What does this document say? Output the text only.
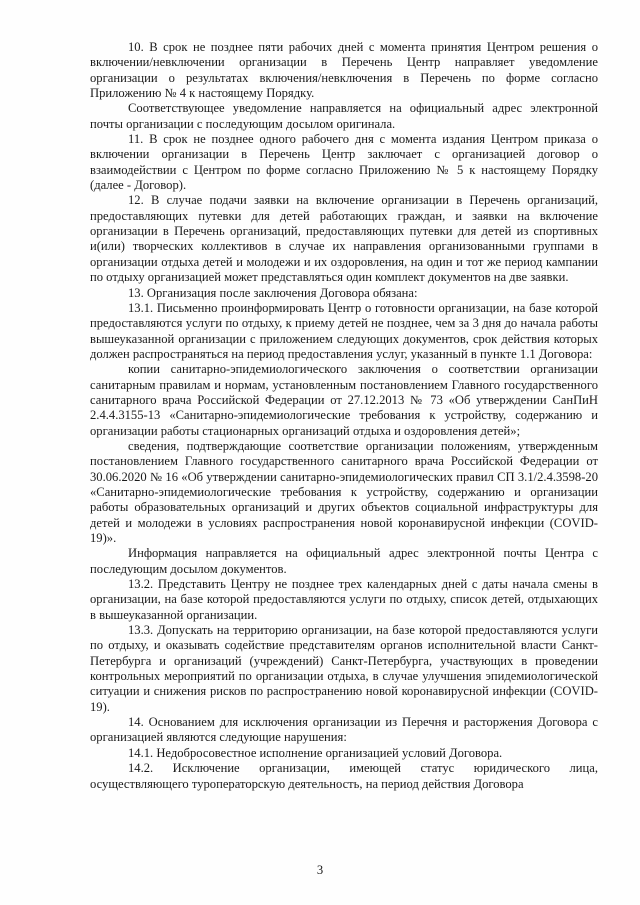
10. В срок не позднее пяти рабочих дней с момента принятия Центром решения о включении/невключении организации в Перечень Центр направляет уведомление организации о результатах включения/невключения в Перечень по форме согласно Приложению № 4 к настоящему Порядку.

Соответствующее уведомление направляется на официальный адрес электронной почты организации с последующим досылом оригинала.

11. В срок не позднее одного рабочего дня с момента издания Центром приказа о включении организации в Перечень Центр заключает с организацией договор о взаимодействии с Центром по форме согласно Приложению № 5 к настоящему Порядку (далее - Договор).

12. В случае подачи заявки на включение организации в Перечень организаций, предоставляющих путевки для детей работающих граждан, и заявки на включение организации в Перечень организаций, предоставляющих путевки для детей из спортивных и(или) творческих коллективов в случае их направления организованными группами в организации отдыха детей и молодежи и их оздоровления, на один и тот же период кампании по отдыху организацией может представляться один комплект документов на две заявки.

13. Организация после заключения Договора обязана:

13.1. Письменно проинформировать Центр о готовности организации, на базе которой предоставляются услуги по отдыху, к приему детей не позднее, чем за 3 дня до начала работы вышеуказанной организации с приложением следующих документов, срок действия которых должен распространяться на период предоставления услуг, указанный в пункте 1.1 Договора:

копии санитарно-эпидемиологического заключения о соответствии организации санитарным правилам и нормам, установленным постановлением Главного государственного санитарного врача Российской Федерации от 27.12.2013 № 73 «Об утверждении СанПиН 2.4.4.3155-13 «Санитарно-эпидемиологические требования к устройству, содержанию и организации работы стационарных организаций отдыха и оздоровления детей»;

сведения, подтверждающие соответствие организации положениям, утвержденным постановлением Главного государственного санитарного врача Российской Федерации от 30.06.2020 № 16 «Об утверждении санитарно-эпидемиологических правил СП 3.1/2.4.3598-20 «Санитарно-эпидемиологические требования к устройству, содержанию и организации работы образовательных организаций и других объектов социальной инфраструктуры для детей и молодежи в условиях распространения новой коронавирусной инфекции (COVID-19)».

Информация направляется на официальный адрес электронной почты Центра с последующим досылом документов.

13.2. Представить Центру не позднее трех календарных дней с даты начала смены в организации, на базе которой предоставляются услуги по отдыху, список детей, отдыхающих в вышеуказанной организации.

13.3. Допускать на территорию организации, на базе которой предоставляются услуги по отдыху, и оказывать содействие представителям органов исполнительной власти Санкт-Петербурга и организаций (учреждений) Санкт-Петербурга, участвующих в проведении контрольных мероприятий по организации отдыха, в случае улучшения эпидемиологической ситуации и снижения рисков по распространению новой коронавирусной инфекции (COVID-19).

14. Основанием для исключения организации из Перечня и расторжения Договора с организацией являются следующие нарушения:

14.1. Недобросовестное исполнение организацией условий Договора.

14.2. Исключение организации, имеющей статус юридического лица, осуществляющего туроператорскую деятельность, на период действия Договора

3
